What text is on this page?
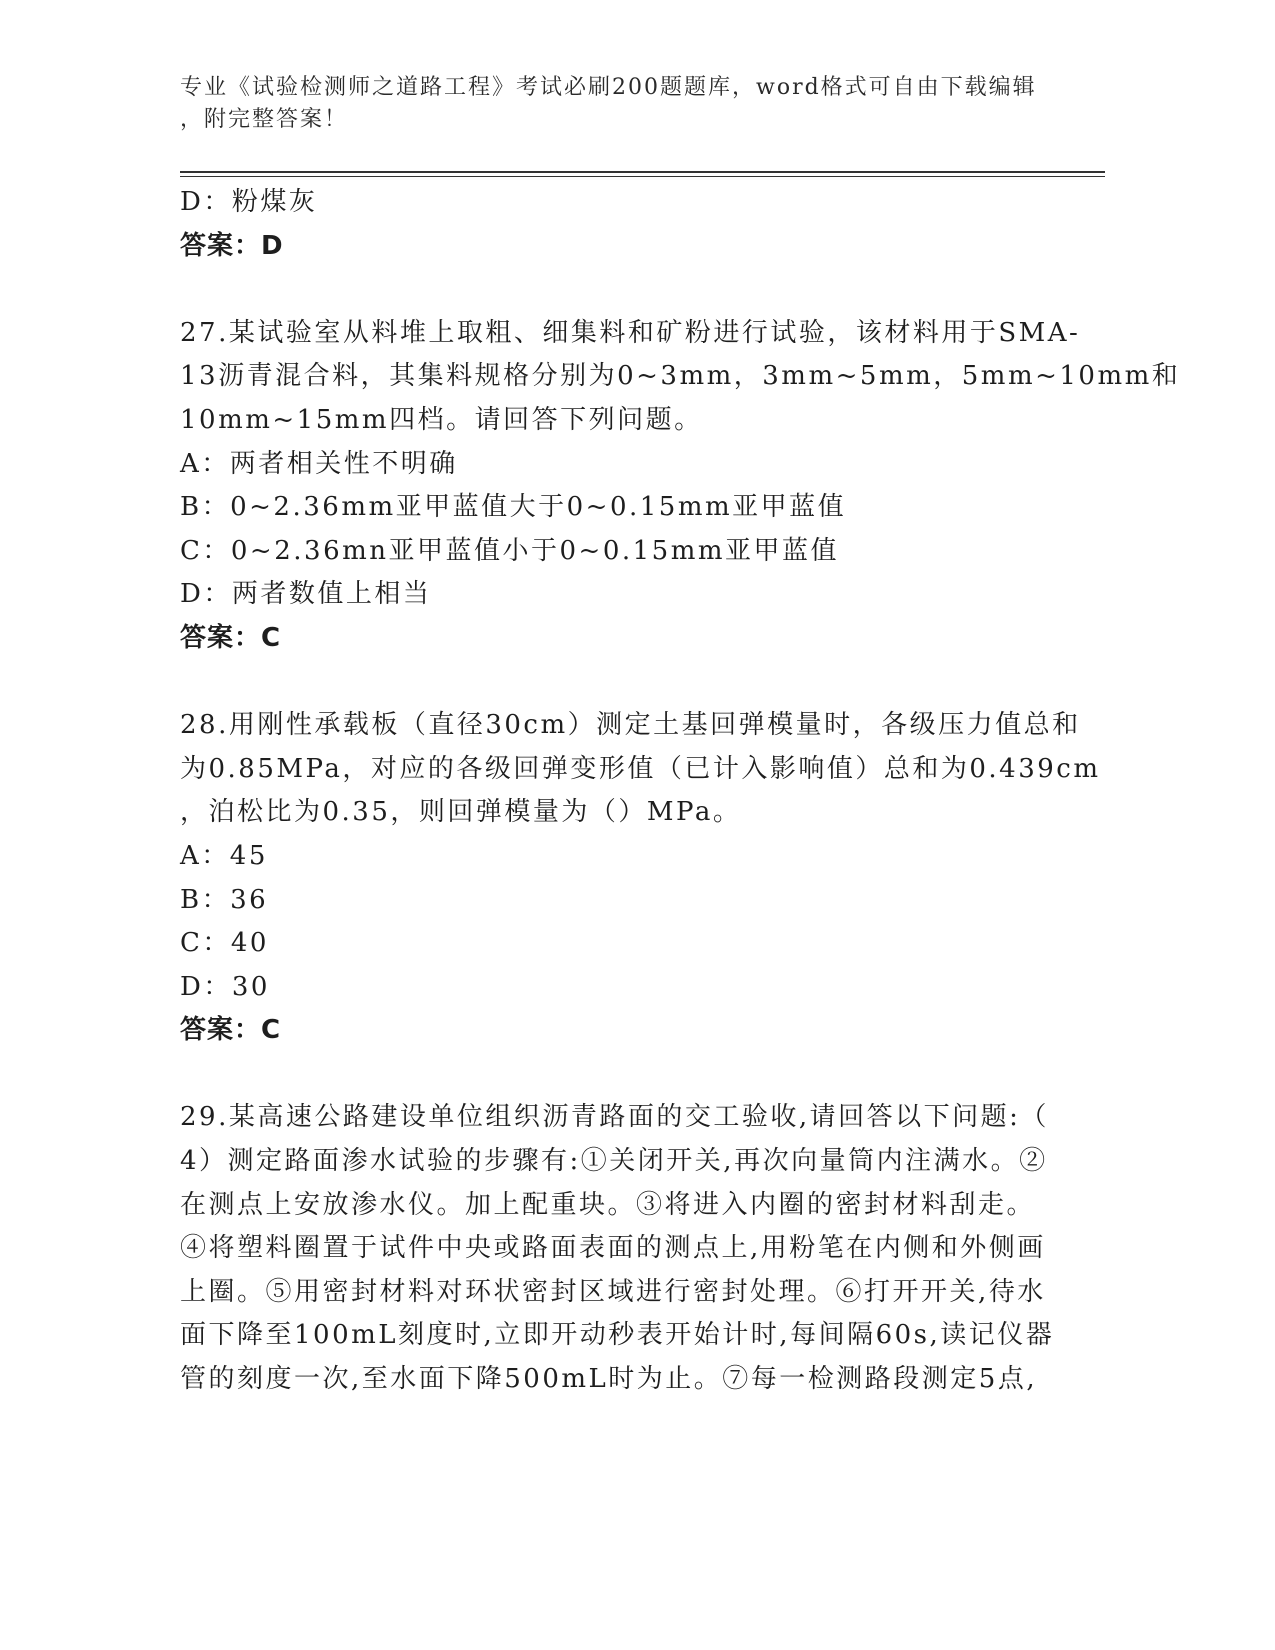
专业《试验检测师之道路工程》考试必刷200题题库，word格式可自由下载编辑
，附完整答案！
D：粉煤灰
答案：D
27.某试验室从料堆上取粗、细集料和矿粉进行试验，该材料用于SMA-
13沥青混合料，其集料规格分别为0~3mm，3mm~5mm，5mm~10mm和
10mm~15mm四档。请回答下列问题。
A：两者相关性不明确
B：0~2.36mm亚甲蓝值大于0~0.15mm亚甲蓝值
C：0~2.36mn亚甲蓝值小于0~0.15mm亚甲蓝值
D：两者数值上相当
答案：C
28.用刚性承载板（直径30cm）测定土基回弹模量时，各级压力值总和
为0.85MPa，对应的各级回弹变形值（已计入影响值）总和为0.439cm
，泊松比为0.35，则回弹模量为（）MPa。
A：45
B：36
C：40
D：30
答案：C
29.某高速公路建设单位组织沥青路面的交工验收,请回答以下问题:（
4）测定路面渗水试验的步骤有:①关闭开关,再次向量筒内注满水。②
在测点上安放渗水仪。加上配重块。③将进入内圈的密封材料刮走。
④将塑料圈置于试件中央或路面表面的测点上,用粉笔在内侧和外侧画
上圈。⑤用密封材料对环状密封区域进行密封处理。⑥打开开关,待水
面下降至100mL刻度时,立即开动秒表开始计时,每间隔60s,读记仪器
管的刻度一次,至水面下降500mL时为止。⑦每一检测路段测定5点,
